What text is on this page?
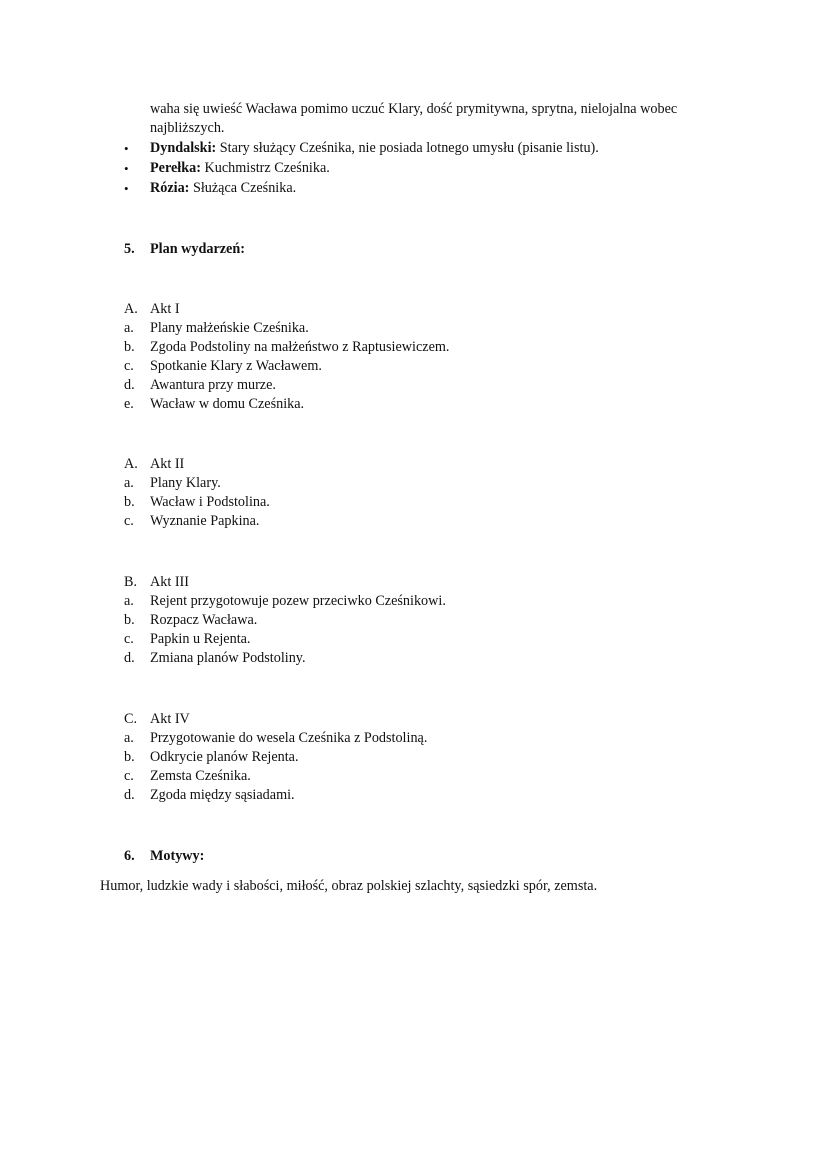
waha się uwieść Wacława pomimo uczuć Klary, dość prymitywna, sprytna, nielojalna wobec
najbliższych.
• Dyndalski: Stary służący Cześnika, nie posiada lotnego umysłu (pisanie listu).
• Perełka: Kuchmistrz Cześnika.
• Rózia: Służąca Cześnika.
5. Plan wydarzeń:
A. Akt I
a. Plany małżeńskie Cześnika.
b. Zgoda Podstoliny na małżeństwo z Raptusiewiczem.
c. Spotkanie Klary z Wacławem.
d. Awantura przy murze.
e. Wacław w domu Cześnika.
A. Akt II
a. Plany Klary.
b. Wacław i Podstolina.
c. Wyznanie Papkina.
B. Akt III
a. Rejent przygotowuje pozew przeciwko Cześnikowi.
b. Rozpacz Wacława.
c. Papkin u Rejenta.
d. Zmiana planów Podstoliny.
C. Akt IV
a. Przygotowanie do wesela Cześnika z Podstoliną.
b. Odkrycie planów Rejenta.
c. Zemsta Cześnika.
d. Zgoda między sąsiadami.
6. Motywy:
Humor, ludzkie wady i słabości, miłość, obraz polskiej szlachty, sąsiedzki spór, zemsta.
